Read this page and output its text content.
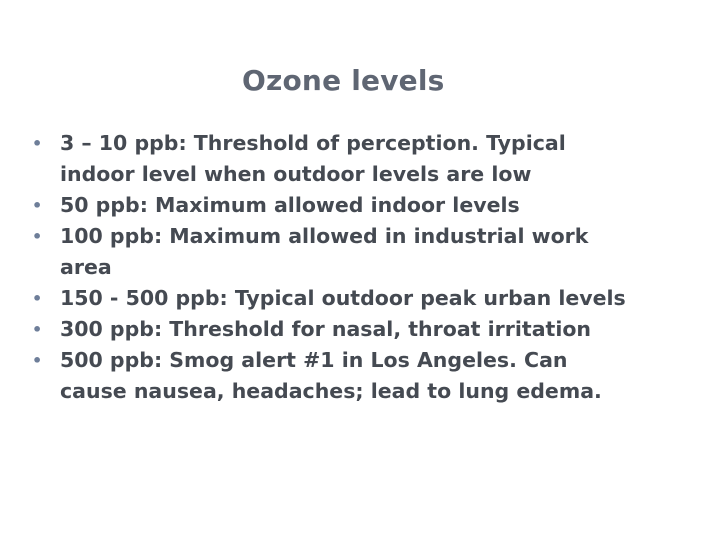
Ozone levels
• 3 – 10 ppb: Threshold of perception. Typical
indoor level when outdoor levels are low
• 50 ppb: Maximum allowed indoor levels
• 100 ppb: Maximum allowed in industrial work
area
• 150 - 500 ppb: Typical outdoor peak urban levels
• 300 ppb: Threshold for nasal, throat irritation
• 500 ppb: Smog alert #1 in Los Angeles. Can
cause nausea, headaches; lead to lung edema.
